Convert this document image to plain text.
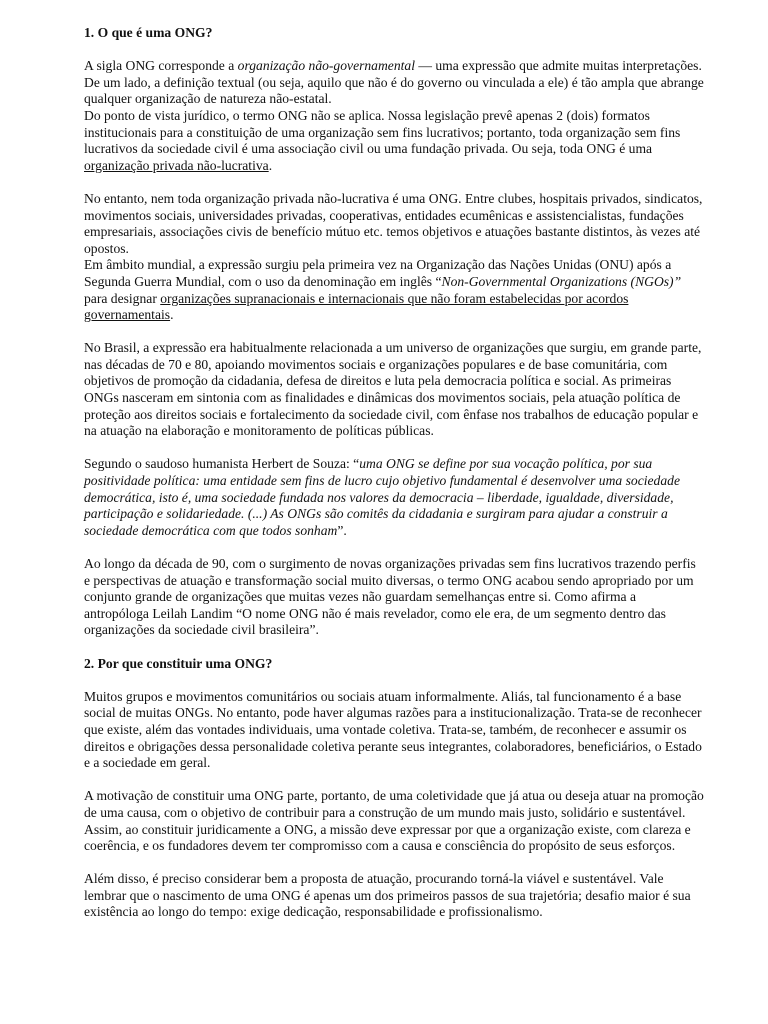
1. O que é uma ONG?

A sigla ONG corresponde a organização não-governamental — uma expressão que admite muitas interpretações. De um lado, a definição textual (ou seja, aquilo que não é do governo ou vinculada a ele) é tão ampla que abrange qualquer organização de natureza não-estatal.

Do ponto de vista jurídico, o termo ONG não se aplica. Nossa legislação prevê apenas 2 (dois) formatos institucionais para a constituição de uma organização sem fins lucrativos; portanto, toda organização sem fins lucrativos da sociedade civil é uma associação civil ou uma fundação privada. Ou seja, toda ONG é uma organização privada não-lucrativa.

No entanto, nem toda organização privada não-lucrativa é uma ONG. Entre clubes, hospitais privados, sindicatos, movimentos sociais, universidades privadas, cooperativas, entidades ecumênicas e assistencialistas, fundações empresariais, associações civis de benefício mútuo etc. temos objetivos e atuações bastante distintos, às vezes até opostos.

Em âmbito mundial, a expressão surgiu pela primeira vez na Organização das Nações Unidas (ONU) após a Segunda Guerra Mundial, com o uso da denominação em inglês “Non-Governmental Organizations (NGOs)” para designar organizações supranacionais e internacionais que não foram estabelecidas por acordos governamentais.

No Brasil, a expressão era habitualmente relacionada a um universo de organizações que surgiu, em grande parte, nas décadas de 70 e 80, apoiando movimentos sociais e organizações populares e de base comunitária, com objetivos de promoção da cidadania, defesa de direitos e luta pela democracia política e social. As primeiras ONGs nasceram em sintonia com as finalidades e dinâmicas dos movimentos sociais, pela atuação política de proteção aos direitos sociais e fortalecimento da sociedade civil, com ênfase nos trabalhos de educação popular e na atuação na elaboração e monitoramento de políticas públicas.

Segundo o saudoso humanista Herbert de Souza: “uma ONG se define por sua vocação política, por sua positividade política: uma entidade sem fins de lucro cujo objetivo fundamental é desenvolver uma sociedade democrática, isto é, uma sociedade fundada nos valores da democracia – liberdade, igualdade, diversidade, participação e solidariedade. (...) As ONGs são comitês da cidadania e surgiram para ajudar a construir a sociedade democrática com que todos sonham”.

Ao longo da década de 90, com o surgimento de novas organizações privadas sem fins lucrativos trazendo perfis e perspectivas de atuação e transformação social muito diversas, o termo ONG acabou sendo apropriado por um conjunto grande de organizações que muitas vezes não guardam semelhanças entre si. Como afirma a antropóloga Leilah Landim “O nome ONG não é mais revelador, como ele era, de um segmento dentro das organizações da sociedade civil brasileira”.

2. Por que constituir uma ONG?

Muitos grupos e movimentos comunitários ou sociais atuam informalmente. Aliás, tal funcionamento é a base social de muitas ONGs. No entanto, pode haver algumas razões para a institucionalização. Trata-se de reconhecer que existe, além das vontades individuais, uma vontade coletiva. Trata-se, também, de reconhecer e assumir os direitos e obrigações dessa personalidade coletiva perante seus integrantes, colaboradores, beneficiários, o Estado e a sociedade em geral.

A motivação de constituir uma ONG parte, portanto, de uma coletividade que já atua ou deseja atuar na promoção de uma causa, com o objetivo de contribuir para a construção de um mundo mais justo, solidário e sustentável. Assim, ao constituir juridicamente a ONG, a missão deve expressar por que a organização existe, com clareza e coerência, e os fundadores devem ter compromisso com a causa e consciência do propósito de seus esforços.

Além disso, é preciso considerar bem a proposta de atuação, procurando torná-la viável e sustentável. Vale lembrar que o nascimento de uma ONG é apenas um dos primeiros passos de sua trajetória; desafio maior é sua existência ao longo do tempo: exige dedicação, responsabilidade e profissionalismo.
